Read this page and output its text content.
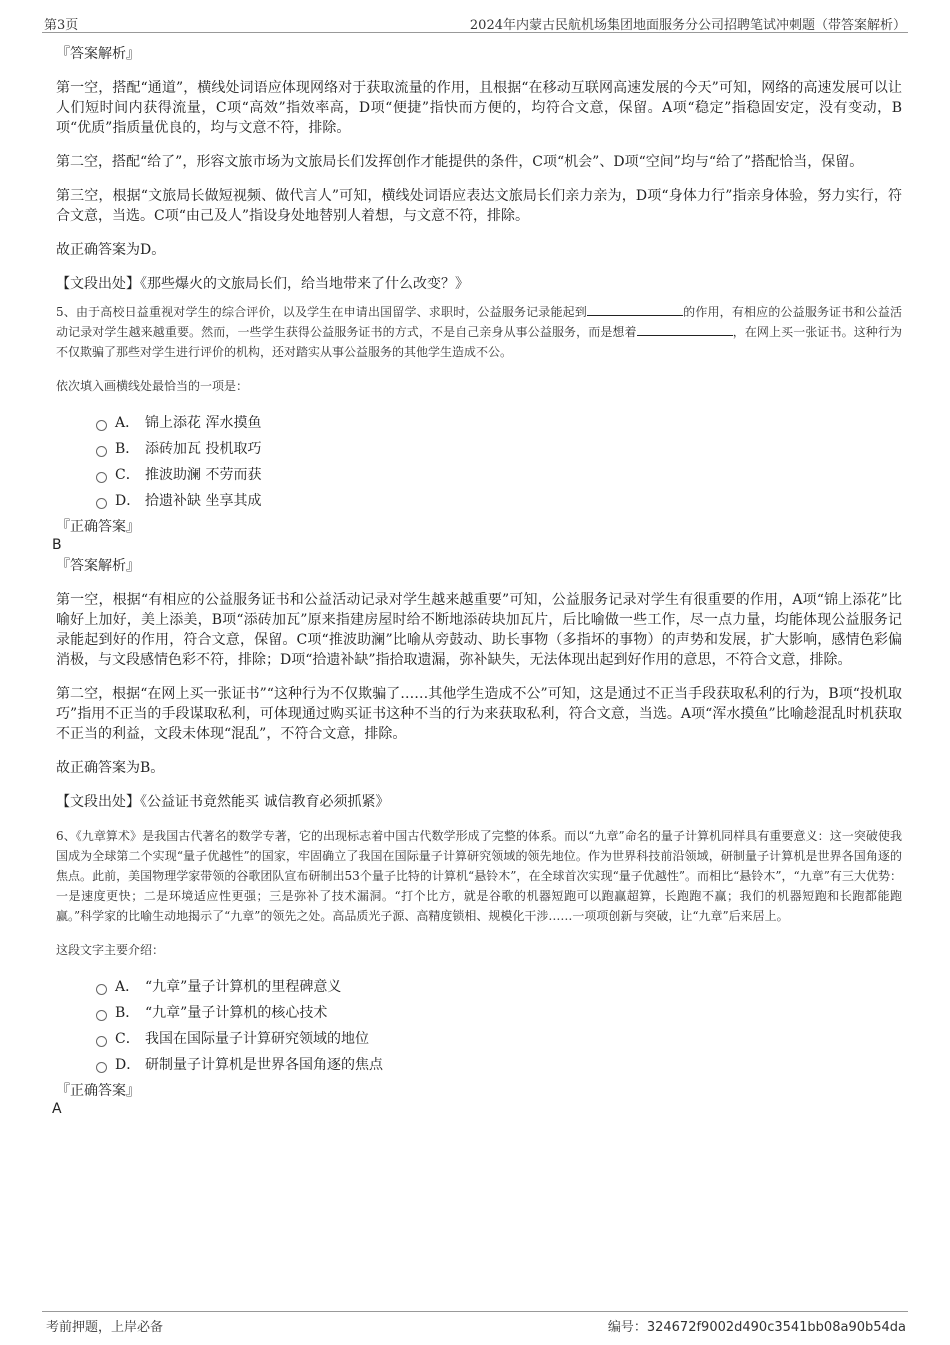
第3页	2024年内蒙古民航机场集团地面服务分公司招聘笔试冲刺题（带答案解析）
『答案解析』
第一空，搭配“通道”，横线处词语应体现网络对于获取流量的作用，且根据“在移动互联网高速发展的今天”可知，网络的高速发展可以让人们短时间内获得流量，C项“高效”指效率高，D项“便捷”指快而方便的，均符合文意，保留。A项“稳定”指稳固安定，没有变动，B项“优质”指质量优良的，均与文意不符，排除。
第二空，搭配“给了”，形容文旅市场为文旅局长们发挥创作才能提供的条件，C项“机会”、D项“空间”均与“给了”搭配恰当，保留。
第三空，根据“文旅局长做短视频、做代言人”可知，横线处词语应表达文旅局长们亲力亲为，D项“身体力行”指亲身体验，努力实行，符合文意，当选。C项“由己及人”指设身处地替别人着想，与文意不符，排除。
故正确答案为D。
【文段出处】《那些爆火的文旅局长们，给当地带来了什么改变？》
5、由于高校日益重视对学生的综合评价，以及学生在申请出国留学、求职时，公益服务记录能起到	的作用，有相应的公益服务证书和公益活动记录对学生越来越重要。然而，一些学生获得公益服务证书的方式，不是自己亲身从事公益服务，而是想着	，在网上买一张证书。这种行为不仅欺骗了那些对学生进行评价的机构，还对踏实从事公益服务的其他学生造成不公。
依次填入画横线处最恰当的一项是：
A． 锦上添花 浑水摸鱼
B． 添砖加瓦 投机取巧
C． 推波助澜 不劳而获
D． 拾遗补缺 坐享其成
『正确答案』
B
『答案解析』
第一空，根据“有相应的公益服务证书和公益活动记录对学生越来越重要”可知，公益服务记录对学生有很重要的作用，A项“锦上添花”比喻好上加好，美上添美，B项“添砖加瓦”原来指建房屋时给不断地添砖块加瓦片，后比喻做一些工作，尽一点力量，均能体现公益服务记录能起到好的作用，符合文意，保留。C项“推波助澜”比喻从旁鼓动、助长事物（多指坏的事物）的声势和发展，扩大影响，感情色彩偏消极，与文段感情色彩不符，排除；D项“拾遗补缺”指拾取遗漏，弥补缺失，无法体现出起到好作用的意思，不符合文意，排除。
第二空，根据“在网上买一张证书”“这种行为不仅欺骗了……其他学生造成不公”可知，这是通过不正当手段获取私利的行为，B项“投机取巧”指用不正当的手段谋取私利，可体现通过购买证书这种不当的行为来获取私利，符合文意，当选。A项“浑水摸鱼”比喻趁混乱时机获取不正当的利益，文段未体现“混乱”，不符合文意，排除。
故正确答案为B。
【文段出处】《公益证书竟然能买 诚信教育必须抓紧》
6、《九章算术》是我国古代著名的数学专著，它的出现标志着中国古代数学形成了完整的体系。而以“九章”命名的量子计算机同样具有重要意义：这一突破使我国成为全球第二个实现“量子优越性”的国家，牢固确立了我国在国际量子计算研究领域的领先地位。作为世界科技前沿领域，研制量子计算机是世界各国角逐的焦点。此前，美国物理学家带领的谷歌团队宣布研制出53个量子比特的计算机“悬铃木”，在全球首次实现“量子优越性”。而相比“悬铃木”，“九章”有三大优势：一是速度更快；二是环境适应性更强；三是弥补了技术漏洞。“打个比方，就是谷歌的机器短跑可以跑赢超算，长跑跑不赢；我们的机器短跑和长跑都能跑赢。”科学家的比喻生动地揭示了“九章”的领先之处。高品质光子源、高精度锁相、规模化干涉……一项项创新与突破，让“九章”后来居上。
这段文字主要介绍：
A． “九章”量子计算机的里程碑意义
B． “九章”量子计算机的核心技术
C． 我国在国际量子计算研究领域的地位
D． 研制量子计算机是世界各国角逐的焦点
『正确答案』
A
考前押题，上岸必备	编号：324672f9002d490c3541bb08a90b54da
